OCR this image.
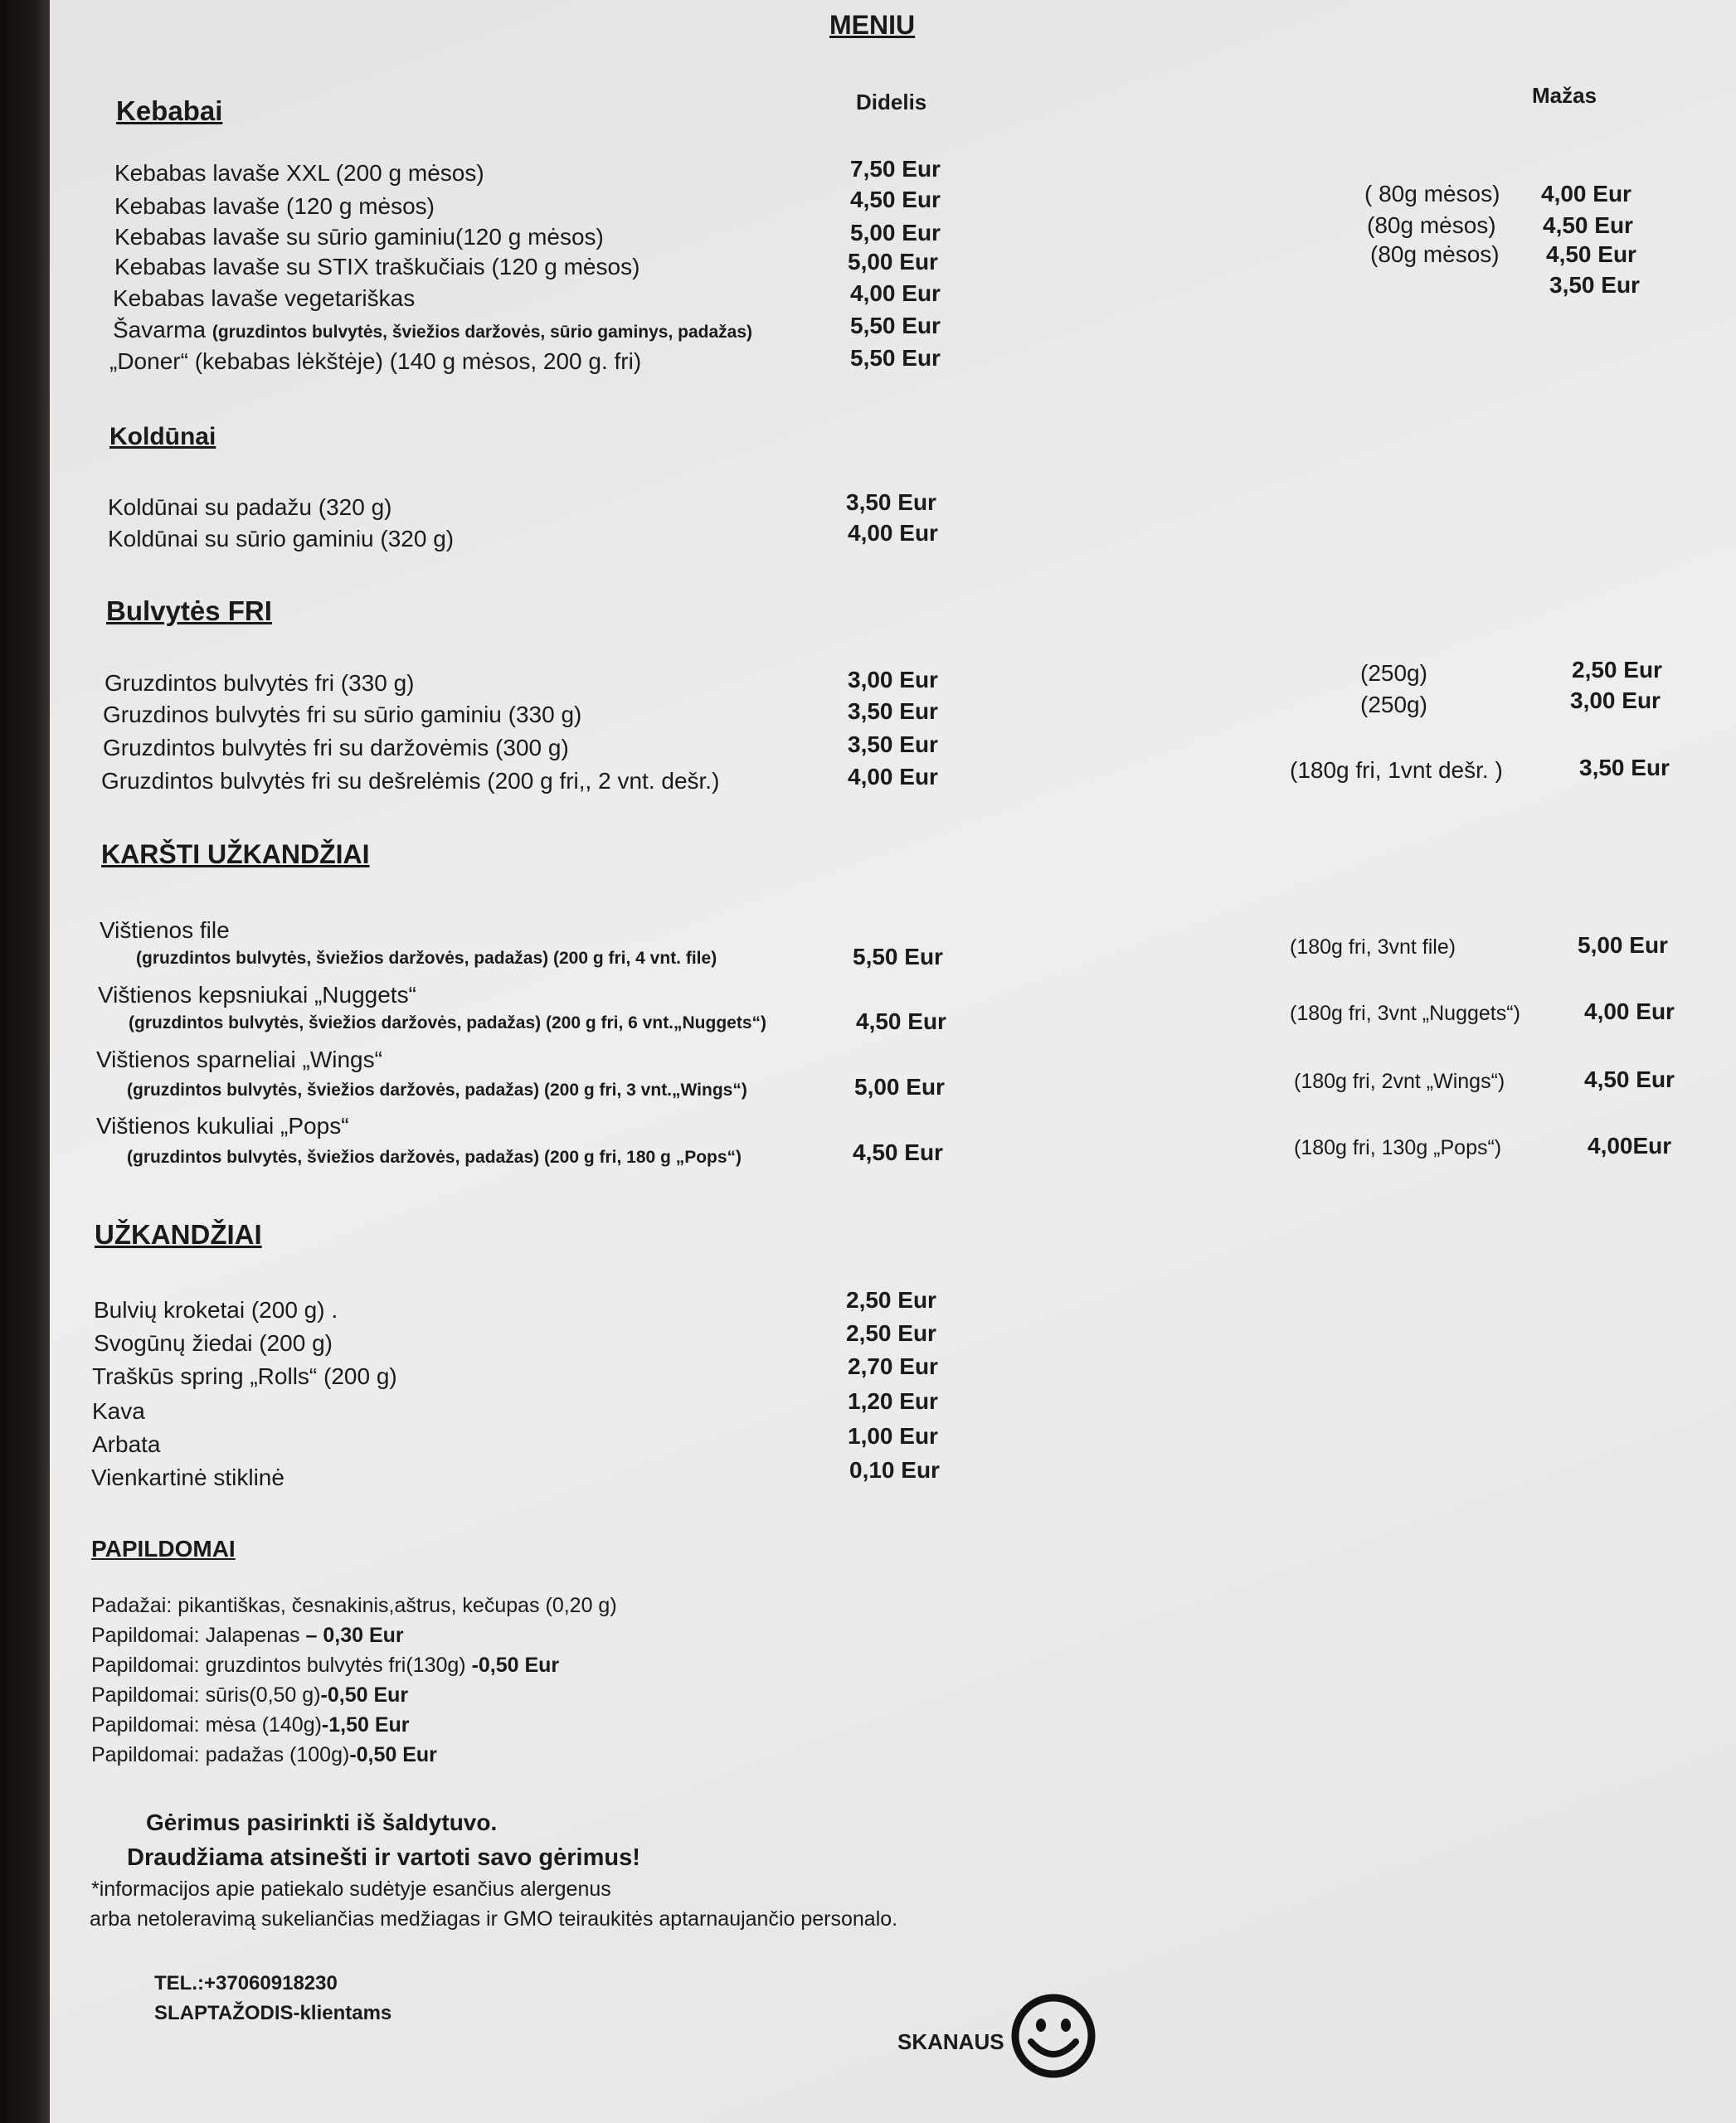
MENIU
Didelis	Mažas
Kebabai
Kebabas lavaše XXL (200 g mėsos)	7,50 Eur
Kebabas lavaše (120 g mėsos)	4,50 Eur	( 80g mėsos) 4,00 Eur
Kebabas lavaše su sūrio gaminiu(120 g mėsos)	5,00 Eur	(80g mėsos) 4,50 Eur
Kebabas lavaše su STIX traškučiais (120 g mėsos)	5,00 Eur	(80g mėsos) 4,50 Eur
Kebabas lavaše vegetariškas	4,00 Eur	3,50 Eur
Šavarma (gruzdintos bulvytės, šviežios daržovės, sūrio gaminys, padažas)	5,50 Eur
„Doner“ (kebabas lėkštėje) (140 g mėsos, 200 g. fri)	5,50 Eur
Koldūnai
Koldūnai su padažu (320 g)	3,50 Eur
Koldūnai su sūrio gaminiu (320 g)	4,00 Eur
Bulvytės FRI
Gruzdintos bulvytės fri (330 g)	3,00 Eur	(250g)	2,50 Eur
Gruzdinos bulvytės fri su sūrio gaminiu (330 g)	3,50 Eur	(250g)	3,00 Eur
Gruzdintos bulvytės fri su daržovėmis (300 g)	3,50 Eur
Gruzdintos bulvytės fri su dešrelėmis (200 g fri,, 2 vnt. dešr.)	4,00 Eur	(180g fri, 1vnt dešr. )	3,50 Eur
KARŠTI UŽKANDŽIAI
Vištienos file
(gruzdintos bulvytės, šviežios daržovės, padažas) (200 g fri, 4 vnt. file)	5,50 Eur	(180g fri, 3vnt file)	5,00 Eur
Vištienos kepsniukai „Nuggets“
(gruzdintos bulvytės, šviežios daržovės, padažas) (200 g fri, 6 vnt.„Nuggets“)	4,50 Eur	(180g fri, 3vnt „Nuggets“)	4,00 Eur
Vištienos sparneliai „Wings“
(gruzdintos bulvytės, šviežios daržovės, padažas) (200 g fri, 3 vnt.„Wings“)	5,00 Eur	(180g fri, 2vnt „Wings“)	4,50 Eur
Vištienos kukuliai „Pops“
(gruzdintos bulvytės, šviežios daržovės, padažas) (200 g fri, 180 g „Pops“)	4,50 Eur	(180g fri, 130g „Pops“)	4,00Eur
UŽKANDŽIAI
Bulvių kroketai (200 g) .	2,50 Eur
Svogūnų žiedai (200 g)	2,50 Eur
Traškūs spring „Rolls“ (200 g)	2,70 Eur
Kava	1,20 Eur
Arbata	1,00 Eur
Vienkartinė stiklinė	0,10 Eur
PAPILDOMAI
Padažai: pikantiškas, česnakinis,aštrus, kečupas (0,20 g)
Papildomai: Jalapenas – 0,30 Eur
Papildomai: gruzdintos bulvytės fri(130g) -0,50 Eur
Papildomai: sūris(0,50 g)-0,50 Eur
Papildomai: mėsa (140g)-1,50 Eur
Papildomai: padažas (100g)-0,50 Eur
Gėrimus pasirinkti iš šaldytuvo.
Draudžiama atsinešti ir vartoti savo gėrimus!
*informacijos apie patiekalo sudėtyje esančius alergenus
arba netoleravimą sukeliančias medžiagas ir GMO teiraukitės aptarnaujančio personalo.
TEL.:+37060918230
SLAPTAŽODIS-klientams
SKANAUS
